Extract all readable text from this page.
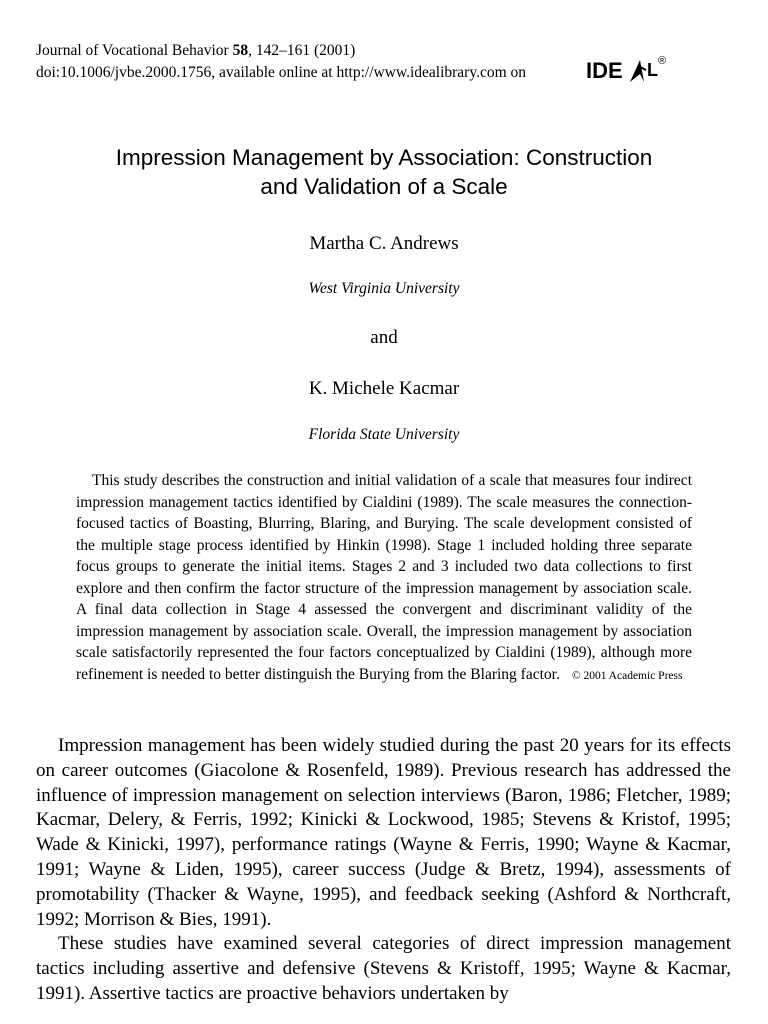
Journal of Vocational Behavior 58, 142–161 (2001)
doi:10.1006/jvbe.2000.1756, available online at http://www.idealibrary.com on	IDE L ®
Impression Management by Association: Construction
and Validation of a Scale
Martha C. Andrews
West Virginia University
and
K. Michele Kacmar
Florida State University
This study describes the construction and initial validation of a scale that measures four indirect impression management tactics identified by Cialdini (1989). The scale measures the connection-focused tactics of Boasting, Blurring, Blaring, and Burying. The scale development consisted of the multiple stage process identified by Hinkin (1998). Stage 1 included holding three separate focus groups to generate the initial items. Stages 2 and 3 included two data collections to first explore and then confirm the factor structure of the impression management by association scale. A final data collection in Stage 4 assessed the convergent and discriminant validity of the impression management by association scale. Overall, the impression management by association scale satisfactorily represented the four factors conceptualized by Cialdini (1989), although more refinement is needed to better distinguish the Burying from the Blaring factor. © 2001 Academic Press

Impression management has been widely studied during the past 20 years for its effects on career outcomes (Giacolone & Rosenfeld, 1989). Previous research has addressed the influence of impression management on selection interviews (Baron, 1986; Fletcher, 1989; Kacmar, Delery, & Ferris, 1992; Kinicki & Lockwood, 1985; Stevens & Kristof, 1995; Wade & Kinicki, 1997), performance ratings (Wayne & Ferris, 1990; Wayne & Kacmar, 1991; Wayne & Liden, 1995), career success (Judge & Bretz, 1994), assessments of promotability (Thacker & Wayne, 1995), and feedback seeking (Ashford & Northcraft, 1992; Morrison & Bies, 1991).

These studies have examined several categories of direct impression management tactics including assertive and defensive (Stevens & Kristoff, 1995; Wayne & Kacmar, 1991). Assertive tactics are proactive behaviors undertaken by
